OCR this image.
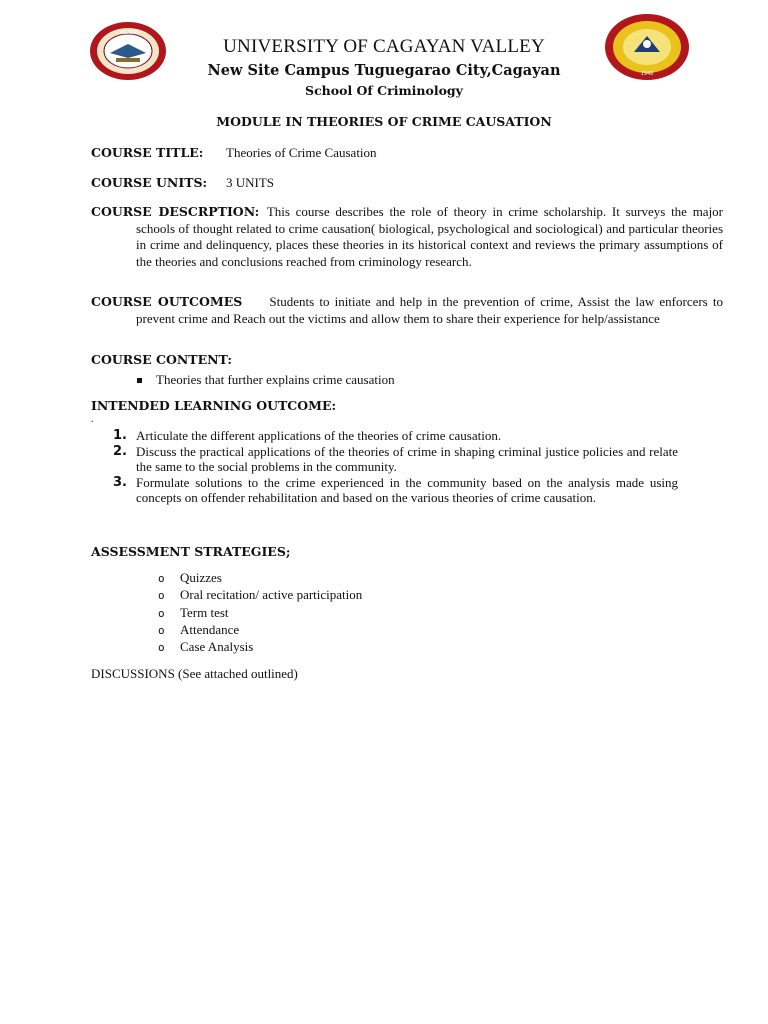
CAGAYAN
1948
UNIVERSITY OF CAGAYAN VALLEY
New Site Campus Tuguegarao City,Cagayan
School Of Criminology
MODULE IN THEORIES OF CRIME CAUSATION
COURSE TITLE: Theories of Crime Causation
COURSE UNITS: 3 UNITS
COURSE DESCRPTION: This course describes the role of theory in crime scholarship. It surveys the major schools of thought related to crime causation( biological, psychological and sociological) and particular theories in crime and delinquency, places these theories in its historical context and reviews the primary assumptions of the theories and conclusions reached from criminology research.
COURSE OUTCOMES Students to initiate and help in the prevention of crime, Assist the law enforcers to prevent crime and Reach out the victims and allow them to share their experience for help/assistance
COURSE CONTENT:
Theories that further explains crime causation
INTENDED LEARNING OUTCOME:
.
1. Articulate the different applications of the theories of crime causation.
2. Discuss the practical applications of the theories of crime in shaping criminal justice policies and relate the same to the social problems in the community.
3. Formulate solutions to the crime experienced in the community based on the analysis made using concepts on offender rehabilitation and based on the various theories of crime causation.
ASSESSMENT STRATEGIES;
o Quizzes
o Oral recitation/ active participation
o Term test
o Attendance
o Case Analysis
DISCUSSIONS (See attached outlined)
